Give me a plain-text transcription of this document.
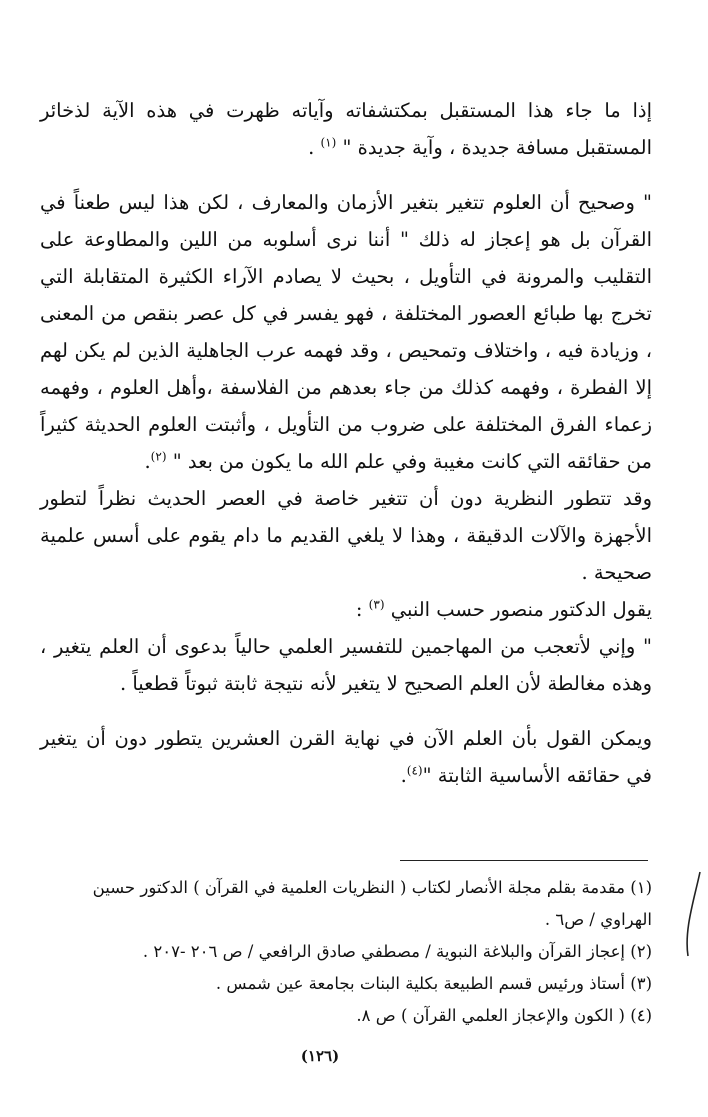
إذا ما جاء هذا المستقبل بمكتشفاته وآياته ظهرت في هذه الآية لذخائر المستقبل مسافة جديدة ، وآية جديدة " $^{(١)}$ .

" وصحيح أن العلوم تتغير بتغير الأزمان والمعارف ، لكن هذا ليس طعناً في القرآن بل هو إعجاز له ذلك " أننا نرى أسلوبه من اللين والمطاوعة على التقليب والمرونة في التأويل ، بحيث لا يصادم الآراء الكثيرة المتقابلة التي تخرج بها طبائع العصور المختلفة ، فهو يفسر في كل عصر بنقص من المعنى ، وزيادة فيه ، واختلاف وتمحيص ، وقد فهمه عرب الجاهلية الذين لم يكن لهم إلا الفطرة ، وفهمه كذلك من جاء بعدهم من الفلاسفة ،وأهل العلوم ، وفهمه زعماء الفرق المختلفة على ضروب من التأويل ، وأثبتت العلوم الحديثة كثيراً من حقائقه التي كانت مغيبة وفي علم الله ما يكون من بعد " $^{(٢)}$.

وقد تتطور النظرية دون أن تتغير خاصة في العصر الحديث نظراً لتطور الأجهزة والآلات الدقيقة ، وهذا لا يلغي القديم ما دام يقوم على أسس علمية صحيحة .

يقول الدكتور منصور حسب النبي $^{(٣)}$ :

" وإني لأتعجب من المهاجمين للتفسير العلمي حالياً بدعوى أن العلم يتغير ، وهذه مغالطة لأن العلم الصحيح لا يتغير لأنه نتيجة ثابتة ثبوتاً قطعياً .

ويمكن القول بأن العلم الآن في نهاية القرن العشرين يتطور دون أن يتغير في حقائقه الأساسية الثابتة "$^{(٤)}$.

(١) مقدمة بقلم مجلة الأنصار لكتاب ( النظريات العلمية في القرآن ) الدكتور حسين الهراوي / ص٦ .

(٢) إعجاز القرآن والبلاغة النبوية / مصطفي صادق الرافعي / ص ٢٠٦ -٢٠٧ .

(٣) أستاذ ورئيس قسم الطبيعة بكلية البنات بجامعة عين شمس .

(٤) ( الكون والإعجاز العلمي القرآن ) ص ٨.

(١٢٦)
